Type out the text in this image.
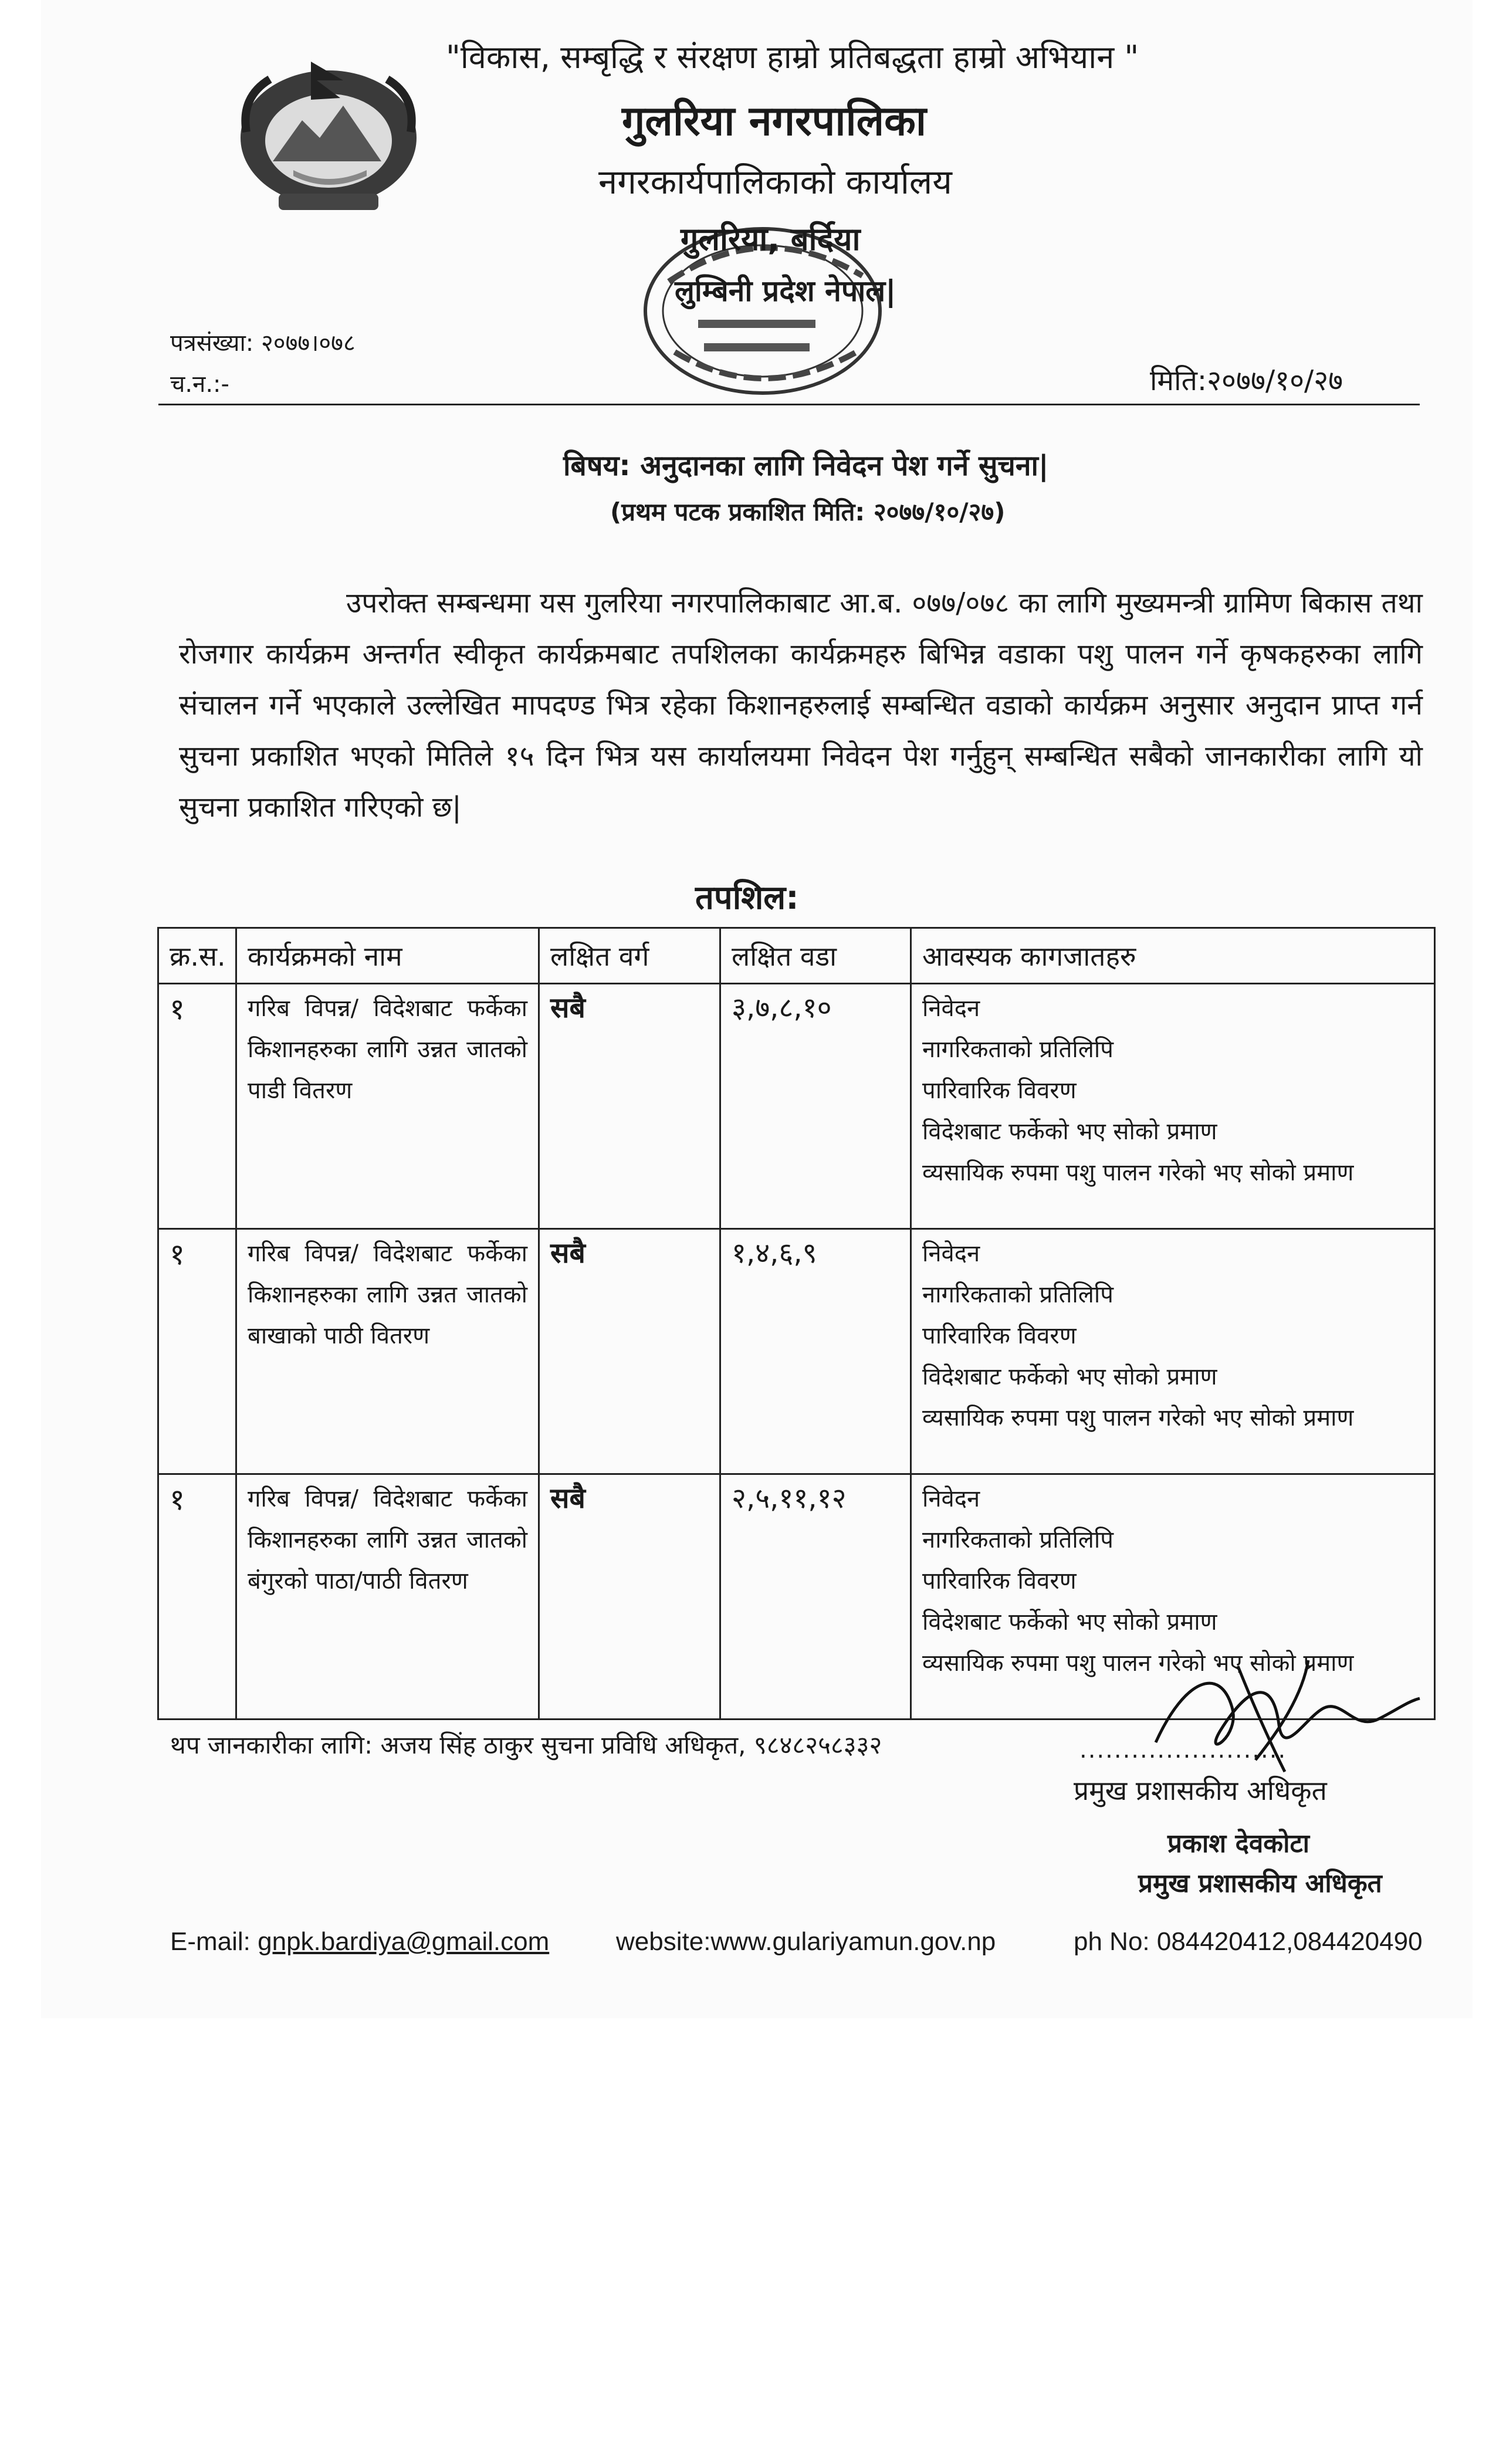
"विकास, सम्बृद्धि र संरक्षण हाम्रो प्रतिबद्धता हाम्रो अभियान "
गुलरिया नगरपालिका
नगरकार्यपालिकाको कार्यालय
गुलरिया, बर्दिया
लुम्बिनी प्रदेश नेपाल|
पत्रसंख्या: २०७७।०७८
च.न.:-	मिति:२०७७/१०/२७
बिषय: अनुदानका लागि निवेदन पेश गर्ने सुचना|
(प्रथम पटक प्रकाशित मिति: २०७७/१०/२७)
उपरोक्त सम्बन्धमा यस गुलरिया नगरपालिकाबाट आ.ब. ०७७/०७८ का लागि मुख्यमन्त्री ग्रामिण बिकास तथा रोजगार कार्यक्रम अन्तर्गत स्वीकृत कार्यक्रमबाट तपशिलका कार्यक्रमहरु बिभिन्न वडाका पशु पालन गर्ने कृषकहरुका लागि संचालन गर्ने भएकाले उल्लेखित मापदण्ड भित्र रहेका किशानहरुलाई सम्बन्धित वडाको कार्यक्रम अनुसार अनुदान प्राप्त गर्न सुचना प्रकाशित भएको मितिले १५ दिन भित्र यस कार्यालयमा निवेदन पेश गर्नुहुन् सम्बन्धित सबैको जानकारीका लागि यो सुचना प्रकाशित गरिएको छ|
तपशिल:
क्र.स.	कार्यक्रमको नाम	लक्षित वर्ग	लक्षित वडा	आवस्यक कागजातहरु
१	गरिब विपन्न/ विदेशबाट फर्केका किशानहरुका लागि उन्नत जातको पाडी वितरण	सबै	३,७,८,१०	निवेदन
नागरिकताको प्रतिलिपि
पारिवारिक विवरण
विदेशबाट फर्केको भए सोको प्रमाण
व्यसायिक रुपमा पशु पालन गरेको भए सोको प्रमाण

१	गरिब विपन्न/ विदेशबाट फर्केका किशानहरुका लागि उन्नत जातको बाखाको पाठी वितरण	सबै	१,४,६,९	निवेदन
नागरिकताको प्रतिलिपि
पारिवारिक विवरण
विदेशबाट फर्केको भए सोको प्रमाण
व्यसायिक रुपमा पशु पालन गरेको भए सोको प्रमाण

१	गरिब विपन्न/ विदेशबाट फर्केका किशानहरुका लागि उन्नत जातको बंगुरको पाठा/पाठी वितरण	सबै	२,५,११,१२	निवेदन
नागरिकताको प्रतिलिपि
पारिवारिक विवरण
विदेशबाट फर्केको भए सोको प्रमाण
व्यसायिक रुपमा पशु पालन गरेको भए सोको प्रमाण
थप जानकारीका लागि: अजय सिंह ठाकुर सुचना प्रविधि अधिकृत, ९८४८२५८३३२	........................
प्रमुख प्रशासकीय अधिकृत
प्रकाश देवकोटा
प्रमुख प्रशासकीय अधिकृत
E-mail: gnpk.bardiya@gmail.com	website:www.gulariyamun.gov.np	ph No: 084420412,084420490
